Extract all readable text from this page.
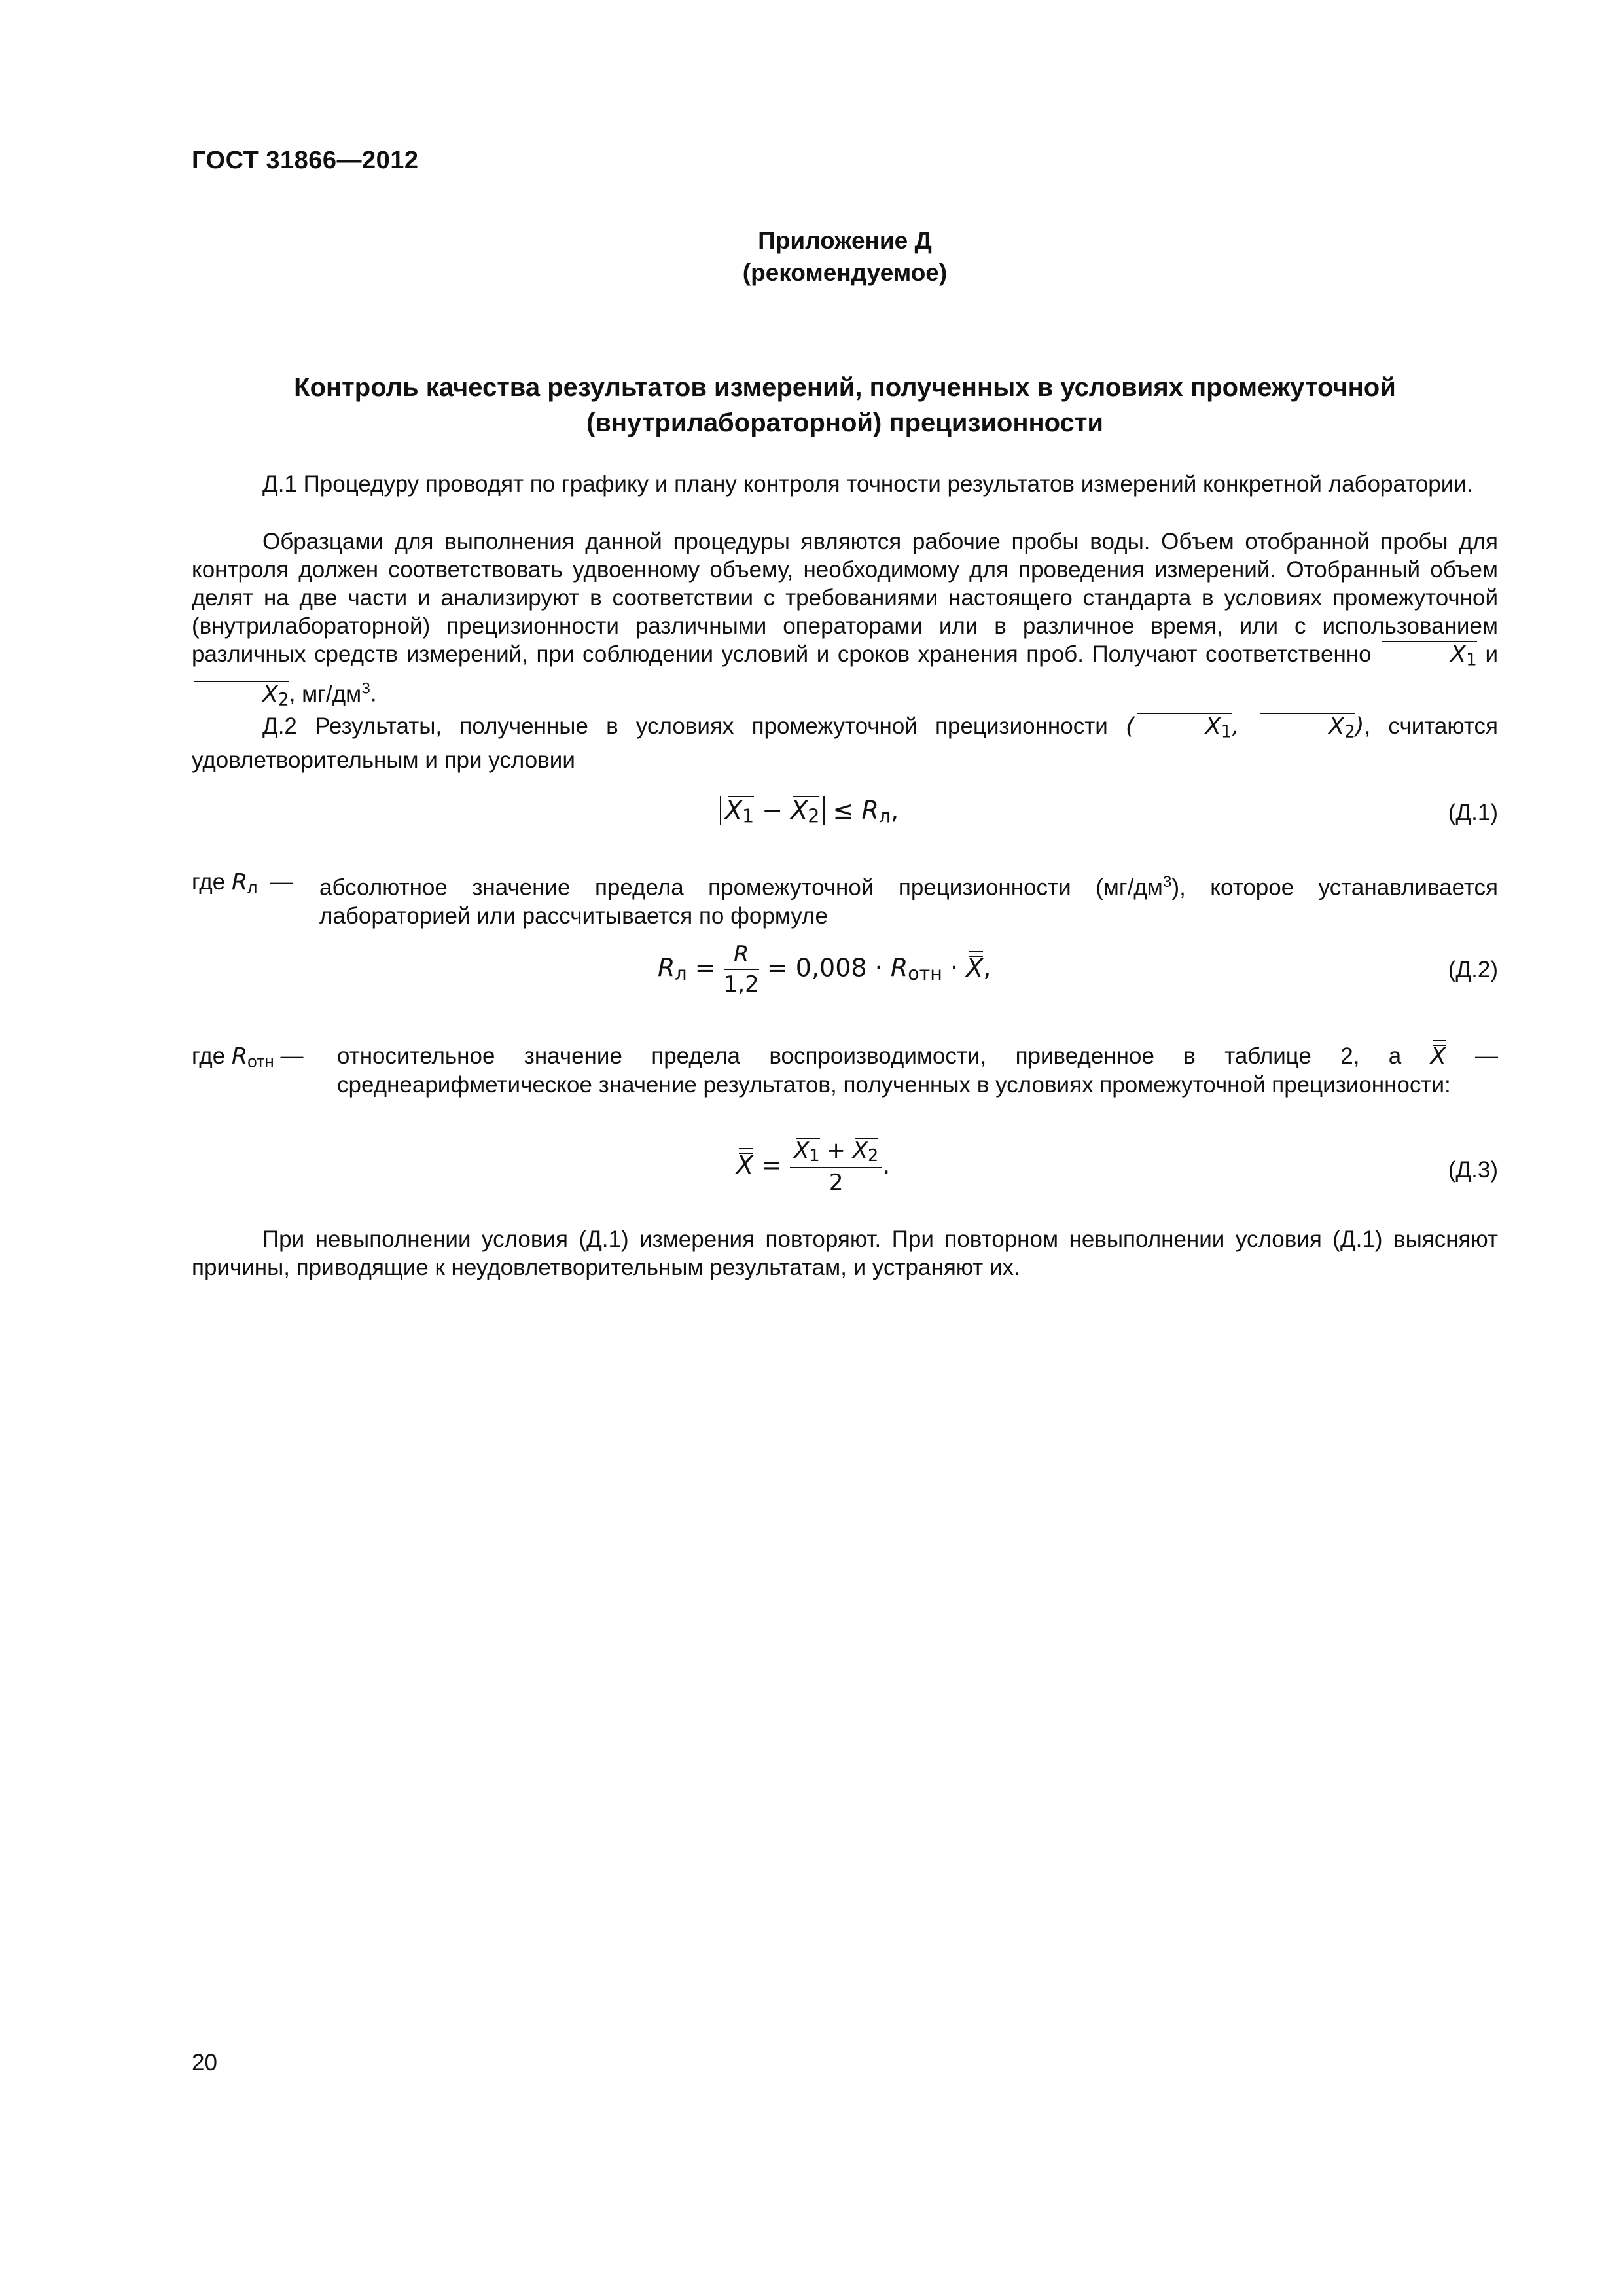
ГОСТ 31866—2012
Приложение Д
(рекомендуемое)
Контроль качества результатов измерений, полученных в условиях промежуточной
(внутрилабораторной) прецизионности
Д.1 Процедуру проводят по графику и плану контроля точности результатов измерений конкретной лаборатории.
Образцами для выполнения данной процедуры являются рабочие пробы воды. Объем отобранной пробы для контроля должен соответствовать удвоенному объему, необходимому для проведения измерений. Отобранный объем делят на две части и анализируют в соответствии с требованиями настоящего стандарта в условиях промежуточной (внутрилабораторной) прецизионности различными операторами или в различное время, или с использованием различных средств измерений, при соблюдении условий и сроков хранения проб. Получают соответственно	$X_1$ и $X_2$, $мг/дм^3$.
Д.2 Результаты, полученные в условиях промежуточной прецизионности (	$X_1$,	$X_2$), считаются удовлетворительным и при условии
$X_1 - X_2 \le R_л$,	(Д.1)
где $R_л$ — абсолютное значение предела промежуточной прецизионности $(мг/дм^3)$, которое устанавливается лабораторией или рассчитывается по формуле
$R_л = \frac{R}{1,2} = 0,008 \cdot R_{отн} \cdot X$,	(Д.2)
где $R_{отн}$ — относительное значение предела воспроизводимости, приведенное в таблице 2, а X — среднеарифметическое значение результатов, полученных в условиях промежуточной прецизионности:
$X = \frac{X1 + X2}{2}$ .	(Д.3)
При невыполнении условия (Д.1) измерения повторяют. При повторном невыполнении условия (Д.1) выясняют причины, приводящие к неудовлетворительным результатам, и устраняют их.
20
